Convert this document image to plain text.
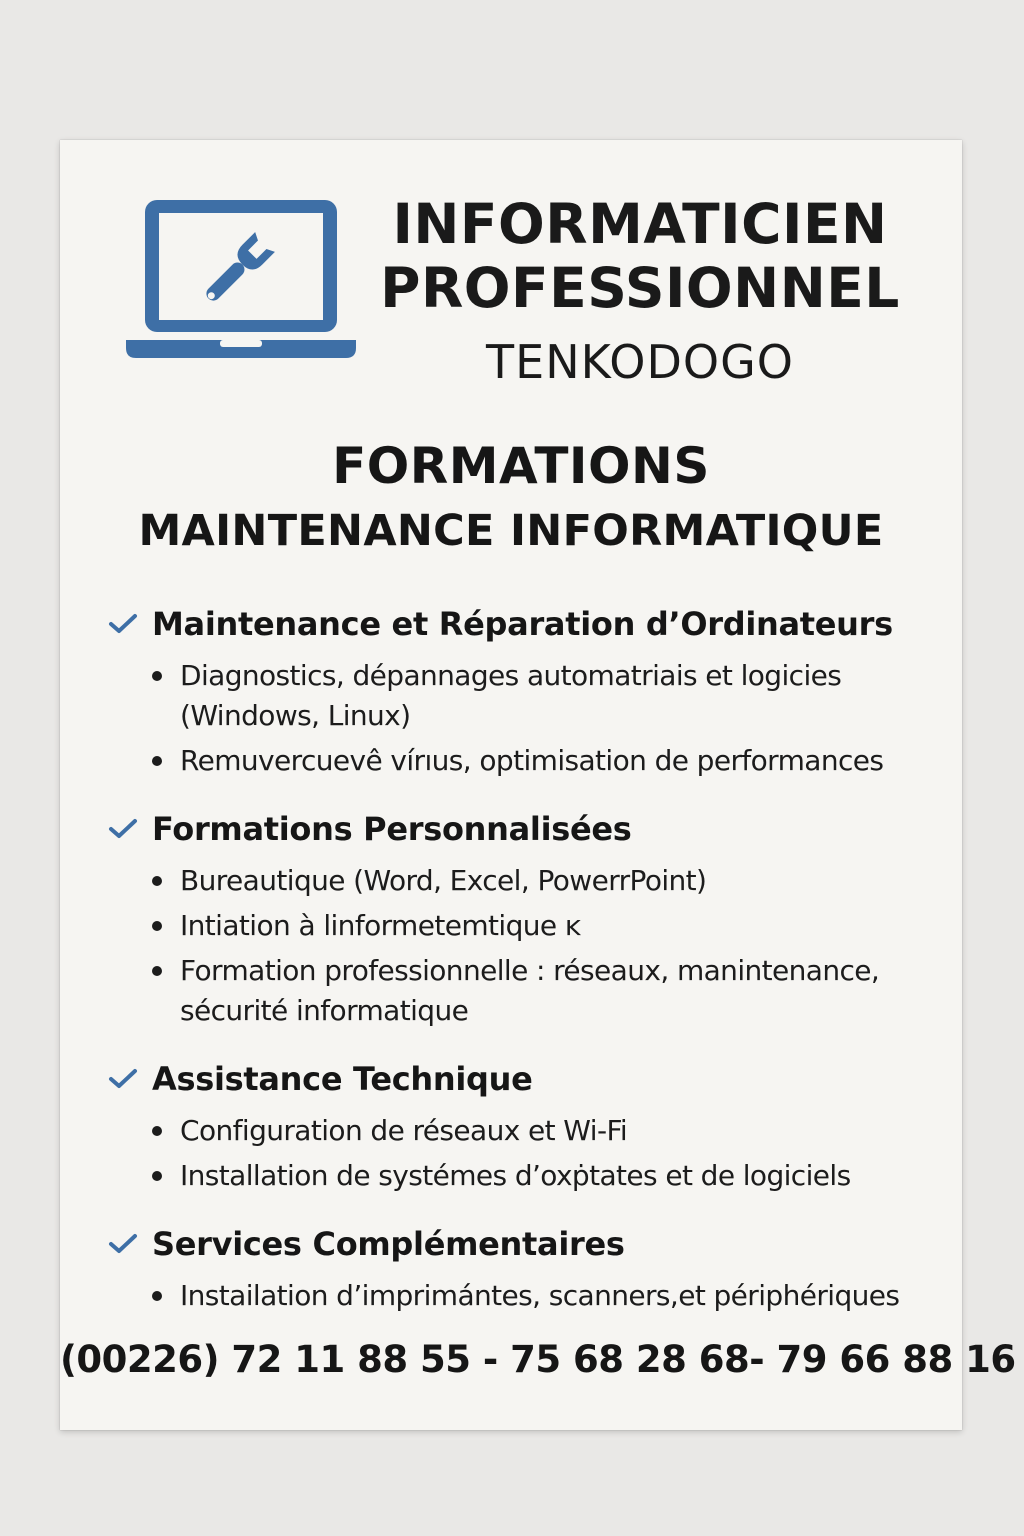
INFORMATICIEN
PROFESSIONNEL
TENKODOGO
FORMATIONS
MAINTENANCE INFORMATIQUE
Maintenance et Réparation d’Ordinateurs
Diagnostics, dépannages automatriais et logicies (Windows, Linux)
Remuvercuevê vírıus, optimisation de performances
Formations Personnalisées
Bureautique (Word, Excel, PowerrPoint)
Intiation à linformetemtique ĸ
Formation professionnelle : réseaux, manintenance, sécurité informatique
Assistance Technique
Configuration de réseaux et Wi-Fi
Installation de systémes d’oxṗtates et de logiciels
Services Complémentaires
Instailation d’imprimántes, scanners,et périphériques
(00226) 72 11 88 55 - 75 68 28 68- 79 66 88 16
